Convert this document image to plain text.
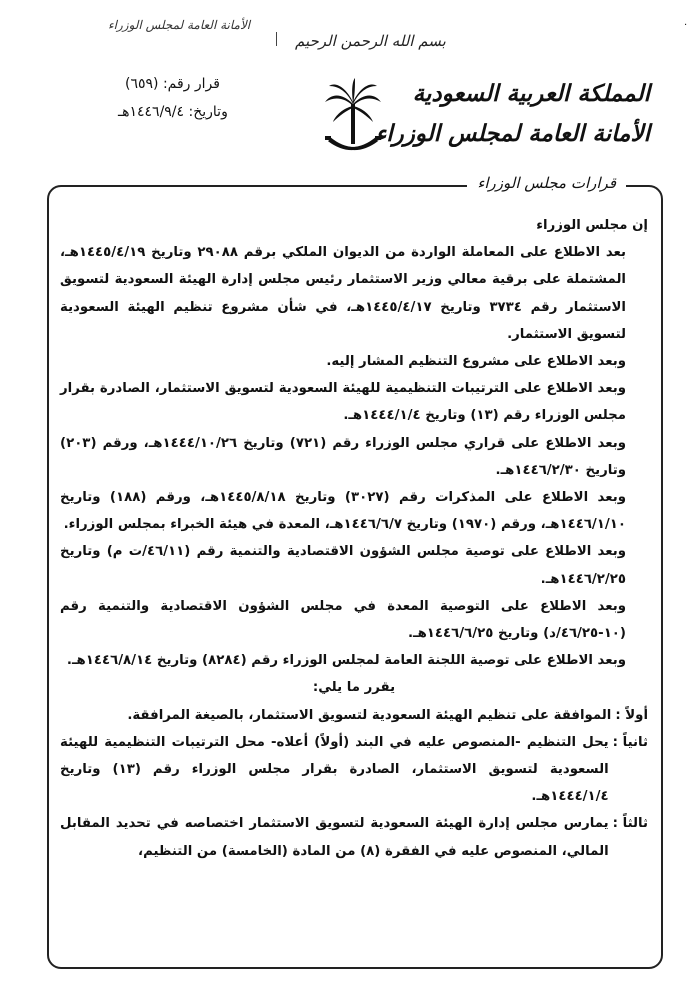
الأمانة العامة لمجلس الوزراء
بسم الله الرحمن الرحيم
·
قرار رقم: (٦٥٩)
وتاريخ: ١٤٤٦/٩/٤هـ
المملكة العربية السعودية
الأمانة العامة لمجلس الوزراء
قرارات مجلس الوزراء

إن مجلس الوزراء

بعد الاطلاع على المعاملة الواردة من الديوان الملكي برقم ٢٩٠٨٨ وتاريخ ١٤٤٥/٤/١٩هـ، المشتملة على برقية معالي وزير الاستثمار رئيس مجلس إدارة الهيئة السعودية لتسويق الاستثمار رقم ٣٧٣٤ وتاريخ ١٤٤٥/٤/١٧هـ، في شأن مشروع تنظيم الهيئة السعودية لتسويق الاستثمار.

وبعد الاطلاع على مشروع التنظيم المشار إليه.

وبعد الاطلاع على الترتيبات التنظيمية للهيئة السعودية لتسويق الاستثمار، الصادرة بقرار مجلس الوزراء رقم (١٣) وتاريخ ١٤٤٤/١/٤هـ.

وبعد الاطلاع على قراري مجلس الوزراء رقم (٧٢١) وتاريخ ١٤٤٤/١٠/٢٦هـ، ورقم (٢٠٣) وتاريخ ١٤٤٦/٢/٣٠هـ.

وبعد الاطلاع على المذكرات رقم (٣٠٢٧) وتاريخ ١٤٤٥/٨/١٨هـ، ورقم (١٨٨) وتاريخ ١٤٤٦/١/١٠هـ، ورقم (١٩٧٠) وتاريخ ١٤٤٦/٦/٧هـ، المعدة في هيئة الخبراء بمجلس الوزراء.

وبعد الاطلاع على توصية مجلس الشؤون الاقتصادية والتنمية رقم (٤٦/١١/ت م) وتاريخ ١٤٤٦/٢/٢٥هـ.

وبعد الاطلاع على التوصية المعدة في مجلس الشؤون الاقتصادية والتنمية رقم (١٠-٤٦/٢٥/د) وتاريخ ١٤٤٦/٦/٢٥هـ.

وبعد الاطلاع على توصية اللجنة العامة لمجلس الوزراء رقم (٨٢٨٤) وتاريخ ١٤٤٦/٨/١٤هـ.

يقرر ما يلي:

أولاً :
الموافقة على تنظيم الهيئة السعودية لتسويق الاستثمار، بالصيغة المرافقة.
ثانياً :
يحل التنظيم -المنصوص عليه في البند (أولاً) أعلاه- محل الترتيبات التنظيمية للهيئة السعودية لتسويق الاستثمار، الصادرة بقرار مجلس الوزراء رقم (١٣) وتاريخ ١٤٤٤/١/٤هـ.
ثالثاً :
يمارس مجلس إدارة الهيئة السعودية لتسويق الاستثمار اختصاصه في تحديد المقابل المالي، المنصوص عليه في الفقرة (٨) من المادة (الخامسة) من التنظيم،
